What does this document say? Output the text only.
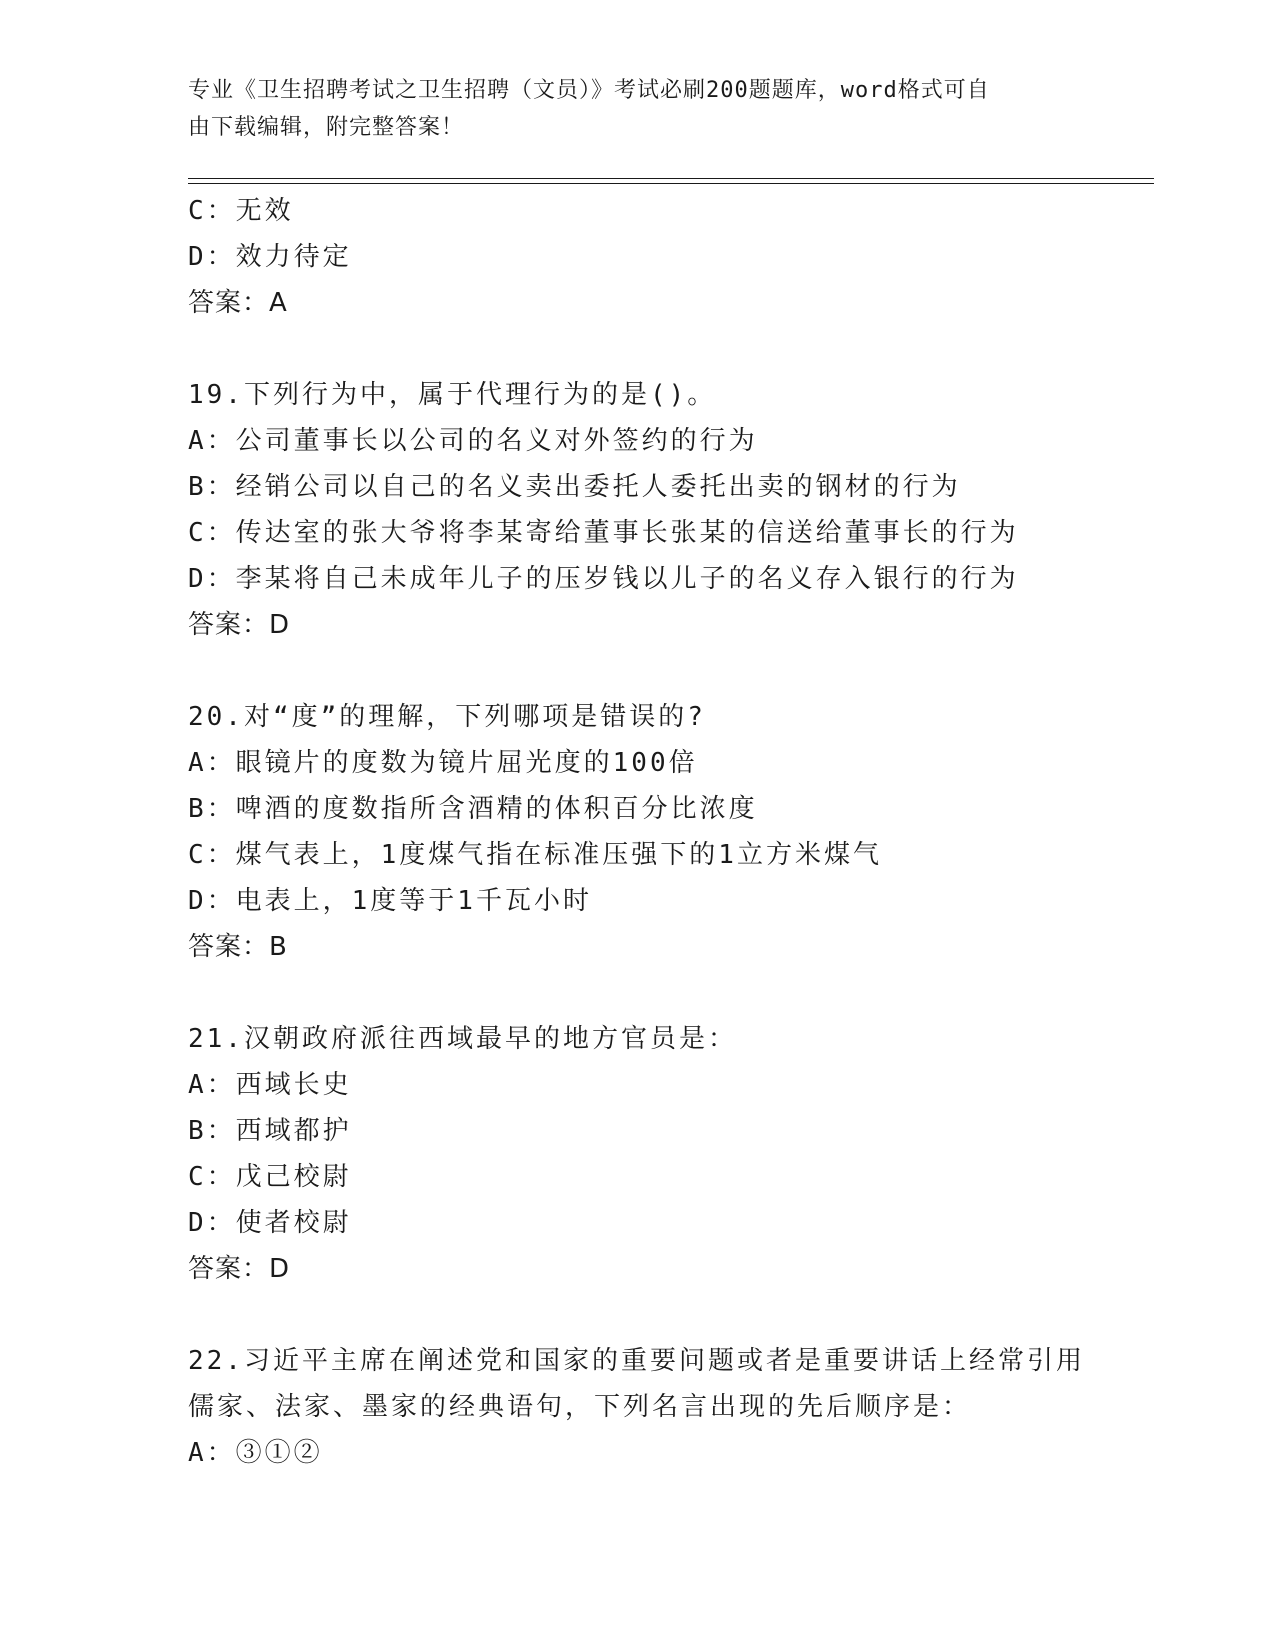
专业《卫生招聘考试之卫生招聘（文员）》考试必刷200题题库，word格式可自
由下载编辑，附完整答案！
C：无效
D：效力待定
答案：A
19.下列行为中，属于代理行为的是()。
A：公司董事长以公司的名义对外签约的行为
B：经销公司以自己的名义卖出委托人委托出卖的钢材的行为
C：传达室的张大爷将李某寄给董事长张某的信送给董事长的行为
D：李某将自己未成年儿子的压岁钱以儿子的名义存入银行的行为
答案：D
20.对“度”的理解，下列哪项是错误的?
A：眼镜片的度数为镜片屈光度的100倍
B：啤酒的度数指所含酒精的体积百分比浓度
C：煤气表上，1度煤气指在标准压强下的1立方米煤气
D：电表上，1度等于1千瓦小时
答案：B
21.汉朝政府派往西域最早的地方官员是：
A：西域长史
B：西域都护
C：戊己校尉
D：使者校尉
答案：D
22.习近平主席在阐述党和国家的重要问题或者是重要讲话上经常引用
儒家、法家、墨家的经典语句，下列名言出现的先后顺序是：
A：③①②
